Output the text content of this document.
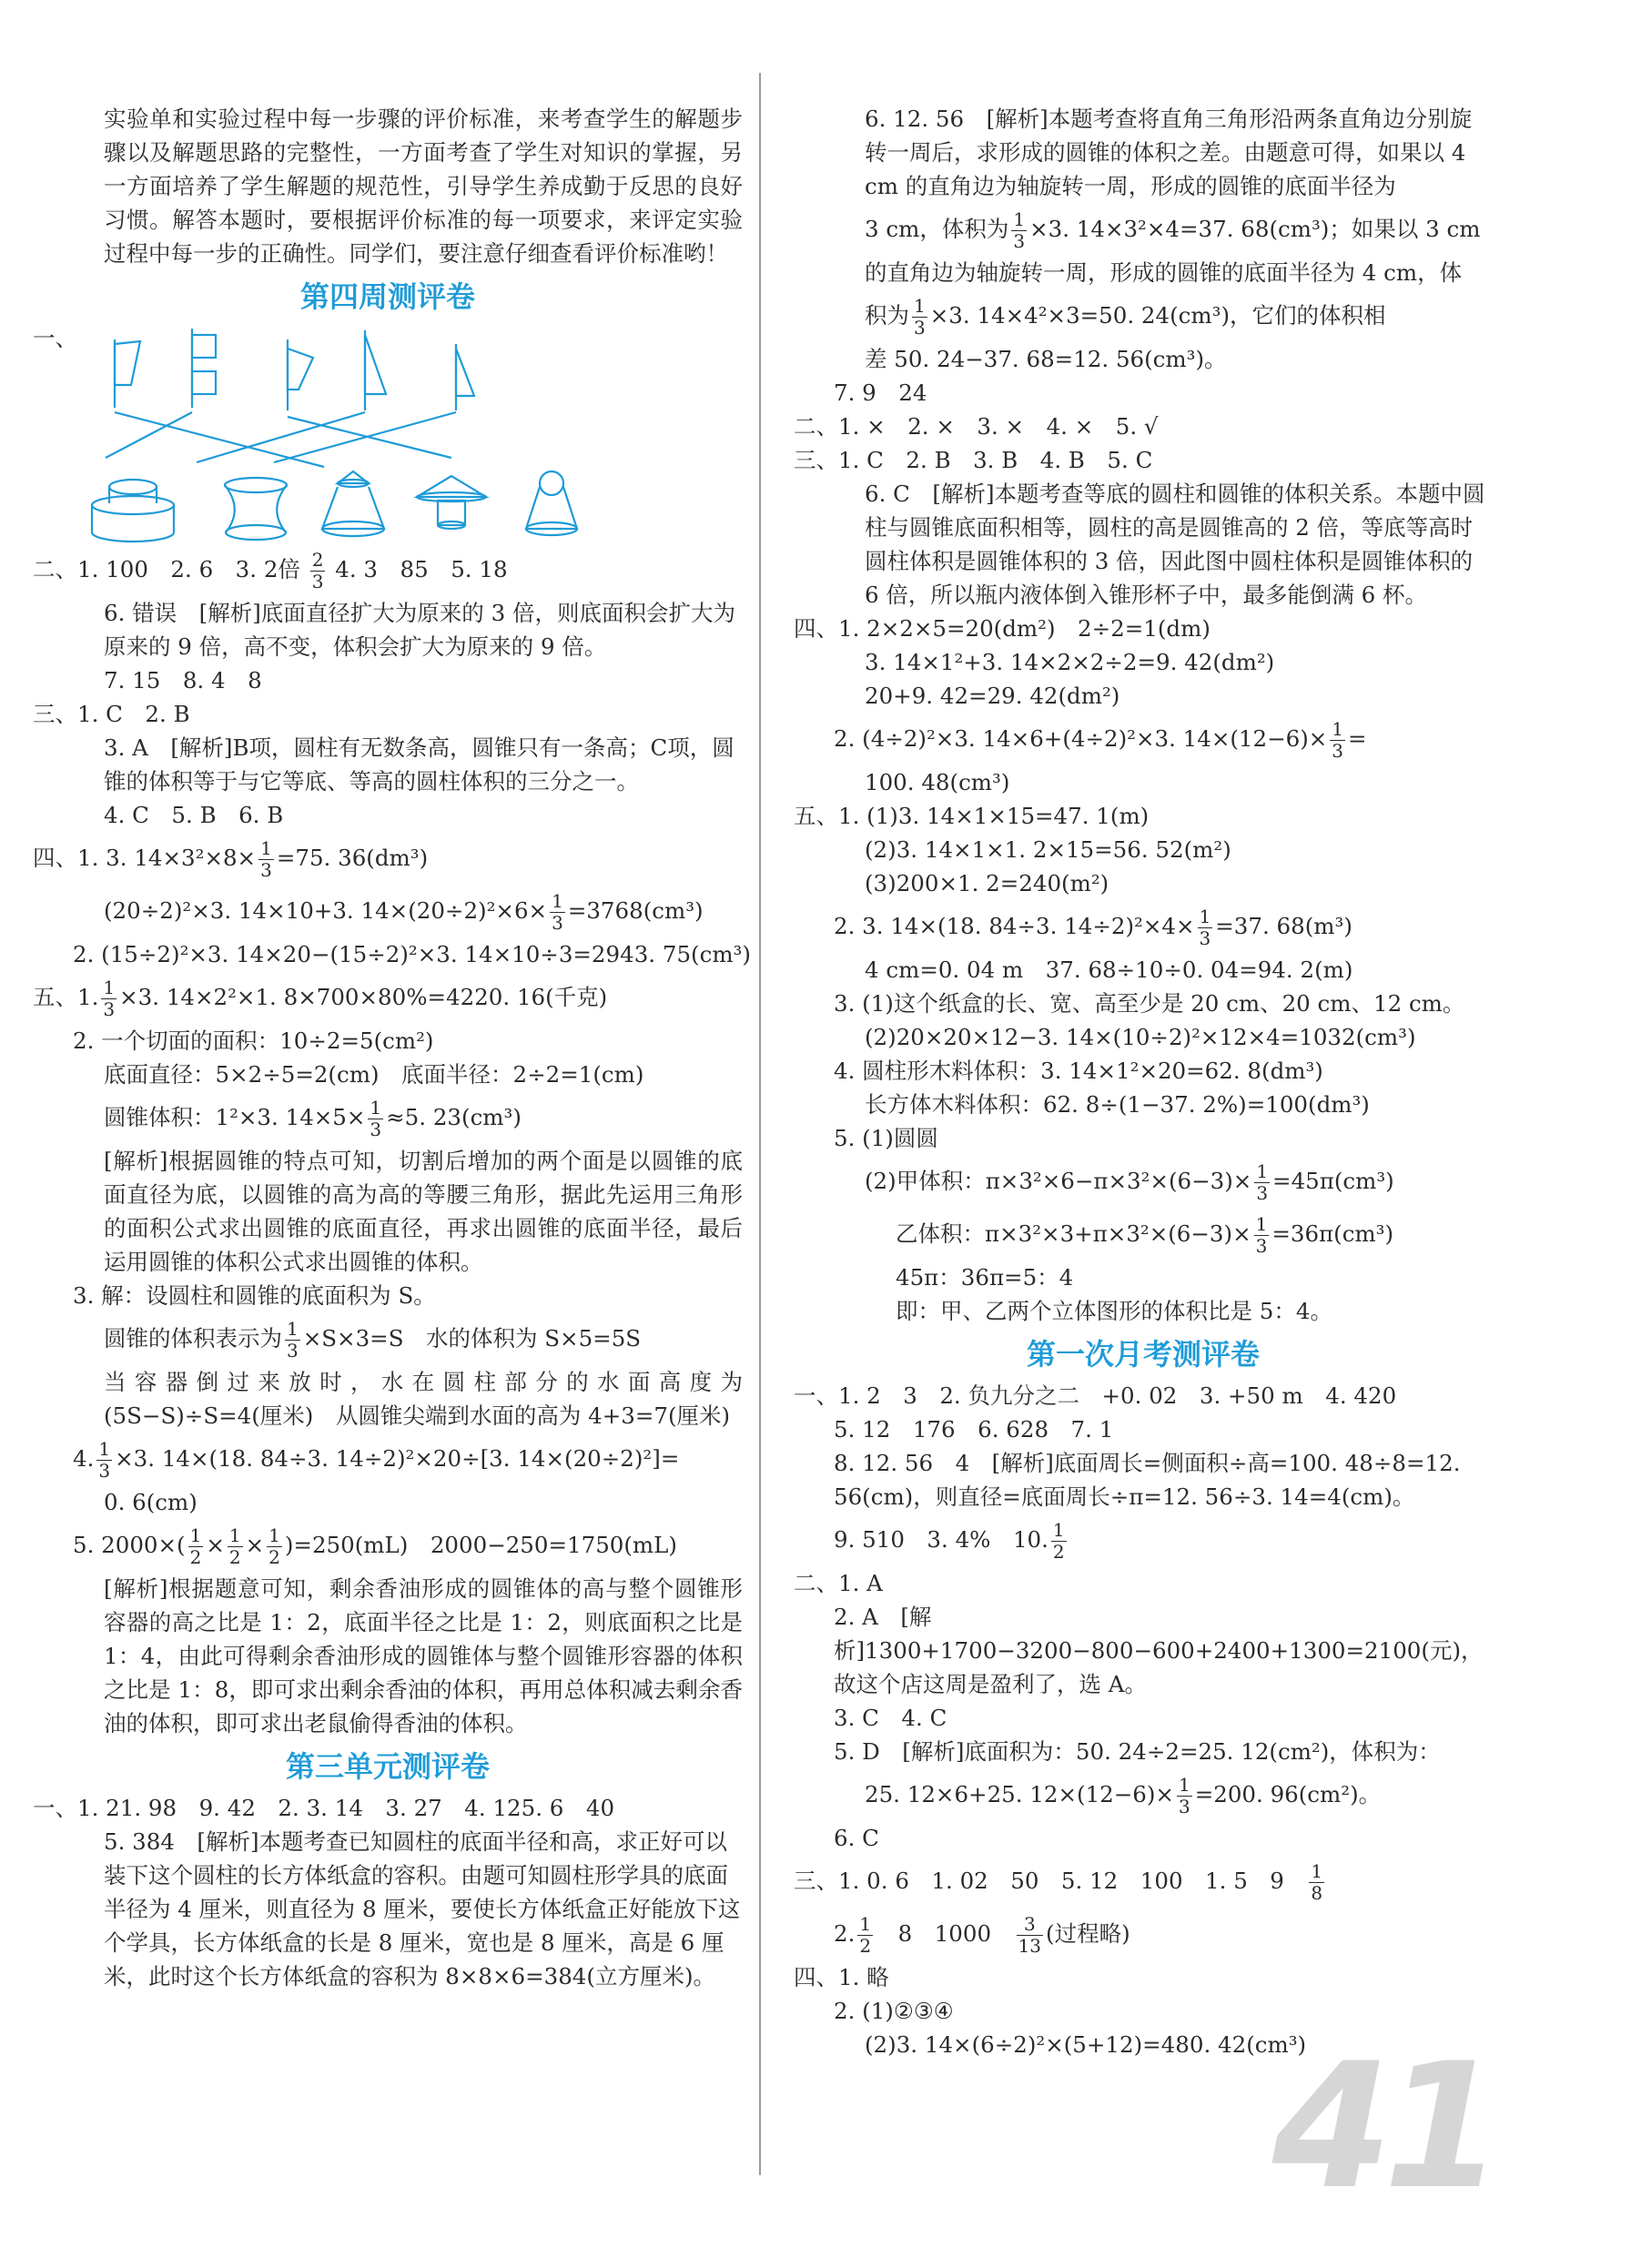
实验单和实验过程中每一步骤的评价标准，来考查学生的解题步骤以及解题思路的完整性，一方面考查了学生对知识的掌握，另一方面培养了学生解题的规范性，引导学生养成勤于反思的良好习惯。解答本题时，要根据评价标准的每一项要求，来评定实验过程中每一步的正确性。同学们，要注意仔细查看评价标准哟！
第四周测评卷
一、
二、1. 100　2. 6　3. 2倍 $\frac{2}{3} 4$. 3　85　5. 18
6. 错误　[解析]底面直径扩大为原来的 3 倍，则底面积会扩大为原来的 9 倍，高不变，体积会扩大为原来的 9 倍。
7. 15　8. 4　8
三、1. C　2. B
3. A　[解析]B项，圆柱有无数条高，圆锥只有一条高；C项，圆锥的体积等于与它等底、等高的圆柱体积的三分之一。
4. C　5. B　6. B
四、1. 3. $14\times 3^2\times 8\times \frac{1}{3} =75$. 36(dm³)
(20÷2)²×3. 14×10+3. $14\times(20\div 2)^2\times 6\times \frac{1}{3} =3768(cm^3)$
2. (15÷2)²×3. 14×20−(15÷2)²×3. 14×10÷3=2943. 75(cm³)
五、1. $\frac{1}{3} \times 3$. 14×2²×1. 8×700×80%=4220. 16(千克)
2. 一个切面的面积：10÷2=5(cm²)
底面直径：5×2÷5=2(cm)　底面半径：2÷2=1(cm)
圆锥体积：1²×3. $14\times 5\times \frac{1}{3} \approx 5$. 23(cm³)
[解析]根据圆锥的特点可知，切割后增加的两个面是以圆锥的底面直径为底，以圆锥的高为高的等腰三角形，据此先运用三角形的面积公式求出圆锥的底面直径，再求出圆锥的底面半径，最后运用圆锥的体积公式求出圆锥的体积。
3. 解：设圆柱和圆锥的底面积为 S。
圆锥的体积表示为 $\frac{1}{3} \times S\times 3=S$　水的体积为 S×5=5S
当容器倒过来放时，水在圆柱部分的水面高度为(5S−S)÷S=4(厘米)　从圆锥尖端到水面的高为 4+3=7(厘米)
4. $\frac{1}{3} \times 3$. 14×(18. 84÷3. 14÷2)²×20÷[3. 14×(20÷2)²]=
0. 6(cm)
5. $2000\times( \frac{1}{2} \times \frac{1}{2} \times \frac{1}{2} )=250(mL)$　2000−250=1750(mL)
[解析]根据题意可知，剩余香油形成的圆锥体的高与整个圆锥形容器的高之比是 1：2，底面半径之比是 1：2，则底面积之比是 1：4，由此可得剩余香油形成的圆锥体与整个圆锥形容器的体积之比是 1：8，即可求出剩余香油的体积，再用总体积减去剩余香油的体积，即可求出老鼠偷得香油的体积。
第三单元测评卷
一、1. 21. 98　9. 42　2. 3. 14　3. 27　4. 125. 6　40
5. 384　[解析]本题考查已知圆柱的底面半径和高，求正好可以装下这个圆柱的长方体纸盒的容积。由题可知圆柱形学具的底面半径为 4 厘米，则直径为 8 厘米，要使长方体纸盒正好能放下这个学具，长方体纸盒的长是 8 厘米，宽也是 8 厘米，高是 6 厘米，此时这个长方体纸盒的容积为 8×8×6=384(立方厘米)。
6. 12. 56　[解析]本题考查将直角三角形沿两条直角边分别旋转一周后，求形成的圆锥的体积之差。由题意可得，如果以 4 cm 的直角边为轴旋转一周，形成的圆锥的底面半径为
3 cm，体积为 $\frac{1}{3} \times 3$. 14×3²×4=37. 68(cm³)；如果以 3 cm
的直角边为轴旋转一周，形成的圆锥的底面半径为 4 cm，体
积为 $\frac{1}{3} \times 3$. 14×4²×3=50. 24(cm³)，它们的体积相
差 50. 24−37. 68=12. 56(cm³)。
7. 9　24
二、1. ×　2. ×　3. ×　4. ×　5. √
三、1. C　2. B　3. B　4. B　5. C
6. C　[解析]本题考查等底的圆柱和圆锥的体积关系。本题中圆柱与圆锥底面积相等，圆柱的高是圆锥高的 2 倍，等底等高时圆柱体积是圆锥体积的 3 倍，因此图中圆柱体积是圆锥体积的 6 倍，所以瓶内液体倒入锥形杯子中，最多能倒满 6 杯。
四、1. 2×2×5=20(dm²)　2÷2=1(dm)
3. 14×1²+3. 14×2×2÷2=9. 42(dm²)
20+9. 42=29. 42(dm²)
2. (4÷2)²×3. 14×6+(4÷2)²×3. $14\times(12-6)\times \frac{1}{3}$ =
100. 48(cm³)
五、1. (1)3. 14×1×15=47. 1(m)
(2)3. 14×1×1. 2×15=56. 52(m²)
(3)200×1. 2=240(m²)
2. 3. 14×(18. 84÷3. $14\div 2)^2\times 4\times \frac{1}{3} =37$. 68(m³)
4 cm=0. 04 m　37. 68÷10÷0. 04=94. 2(m)
3. (1)这个纸盒的长、宽、高至少是 20 cm、20 cm、12 cm。
(2)20×20×12−3. 14×(10÷2)²×12×4=1032(cm³)
4. 圆柱形木料体积：3. 14×1²×20=62. 8(dm³)
长方体木料体积：62. 8÷(1−37. 2%)=100(dm³)
5. (1)圆圆
(2)甲体积：$\pi\times 3^2\times 6-\pi\times 3^2\times(6-3)\times \frac{1}{3} =45\pi(cm^3)$
乙体积：$\pi\times 3^2\times 3+\pi\times 3^2\times(6-3)\times \frac{1}{3} =36\pi(cm^3)$
45π：36π=5：4
即：甲、乙两个立体图形的体积比是 5：4。
第一次月考测评卷
一、1. 2　3　2. 负九分之二　+0. 02　3. +50 m　4. 420
5. 12　176　6. 628　7. 1
8. 12. 56　4　[解析]底面周长=侧面积÷高=100. 48÷8=12. 56(cm)，则直径=底面周长÷π=12. 56÷3. 14=4(cm)。
9. 510　3. 4%　10. $\frac{1}{2}$
二、1. A
2. A　[解析]1300+1700−3200−800−600+2400+1300=2100(元)，故这个店这周是盈利了，选 A。
3. C　4. C
5. D　[解析]底面积为：50. 24÷2=25. 12(cm²)，体积为：
25. 12×6+25. $12\times(12-6)\times \frac{1}{3} =200$. 96(cm²)。
6. C
三、1. 0. 6　1. 02　50　5. 12　100　1. 5　9　 $\frac{1}{8}$
2. $\frac{1}{2}$
　 8　1000　 $\frac{3}{13}$ (过程略)
四、1. 略
2. (1)②③④
(2)3. 14×(6÷2)²×(5+12)=480. 42(cm³)
41
